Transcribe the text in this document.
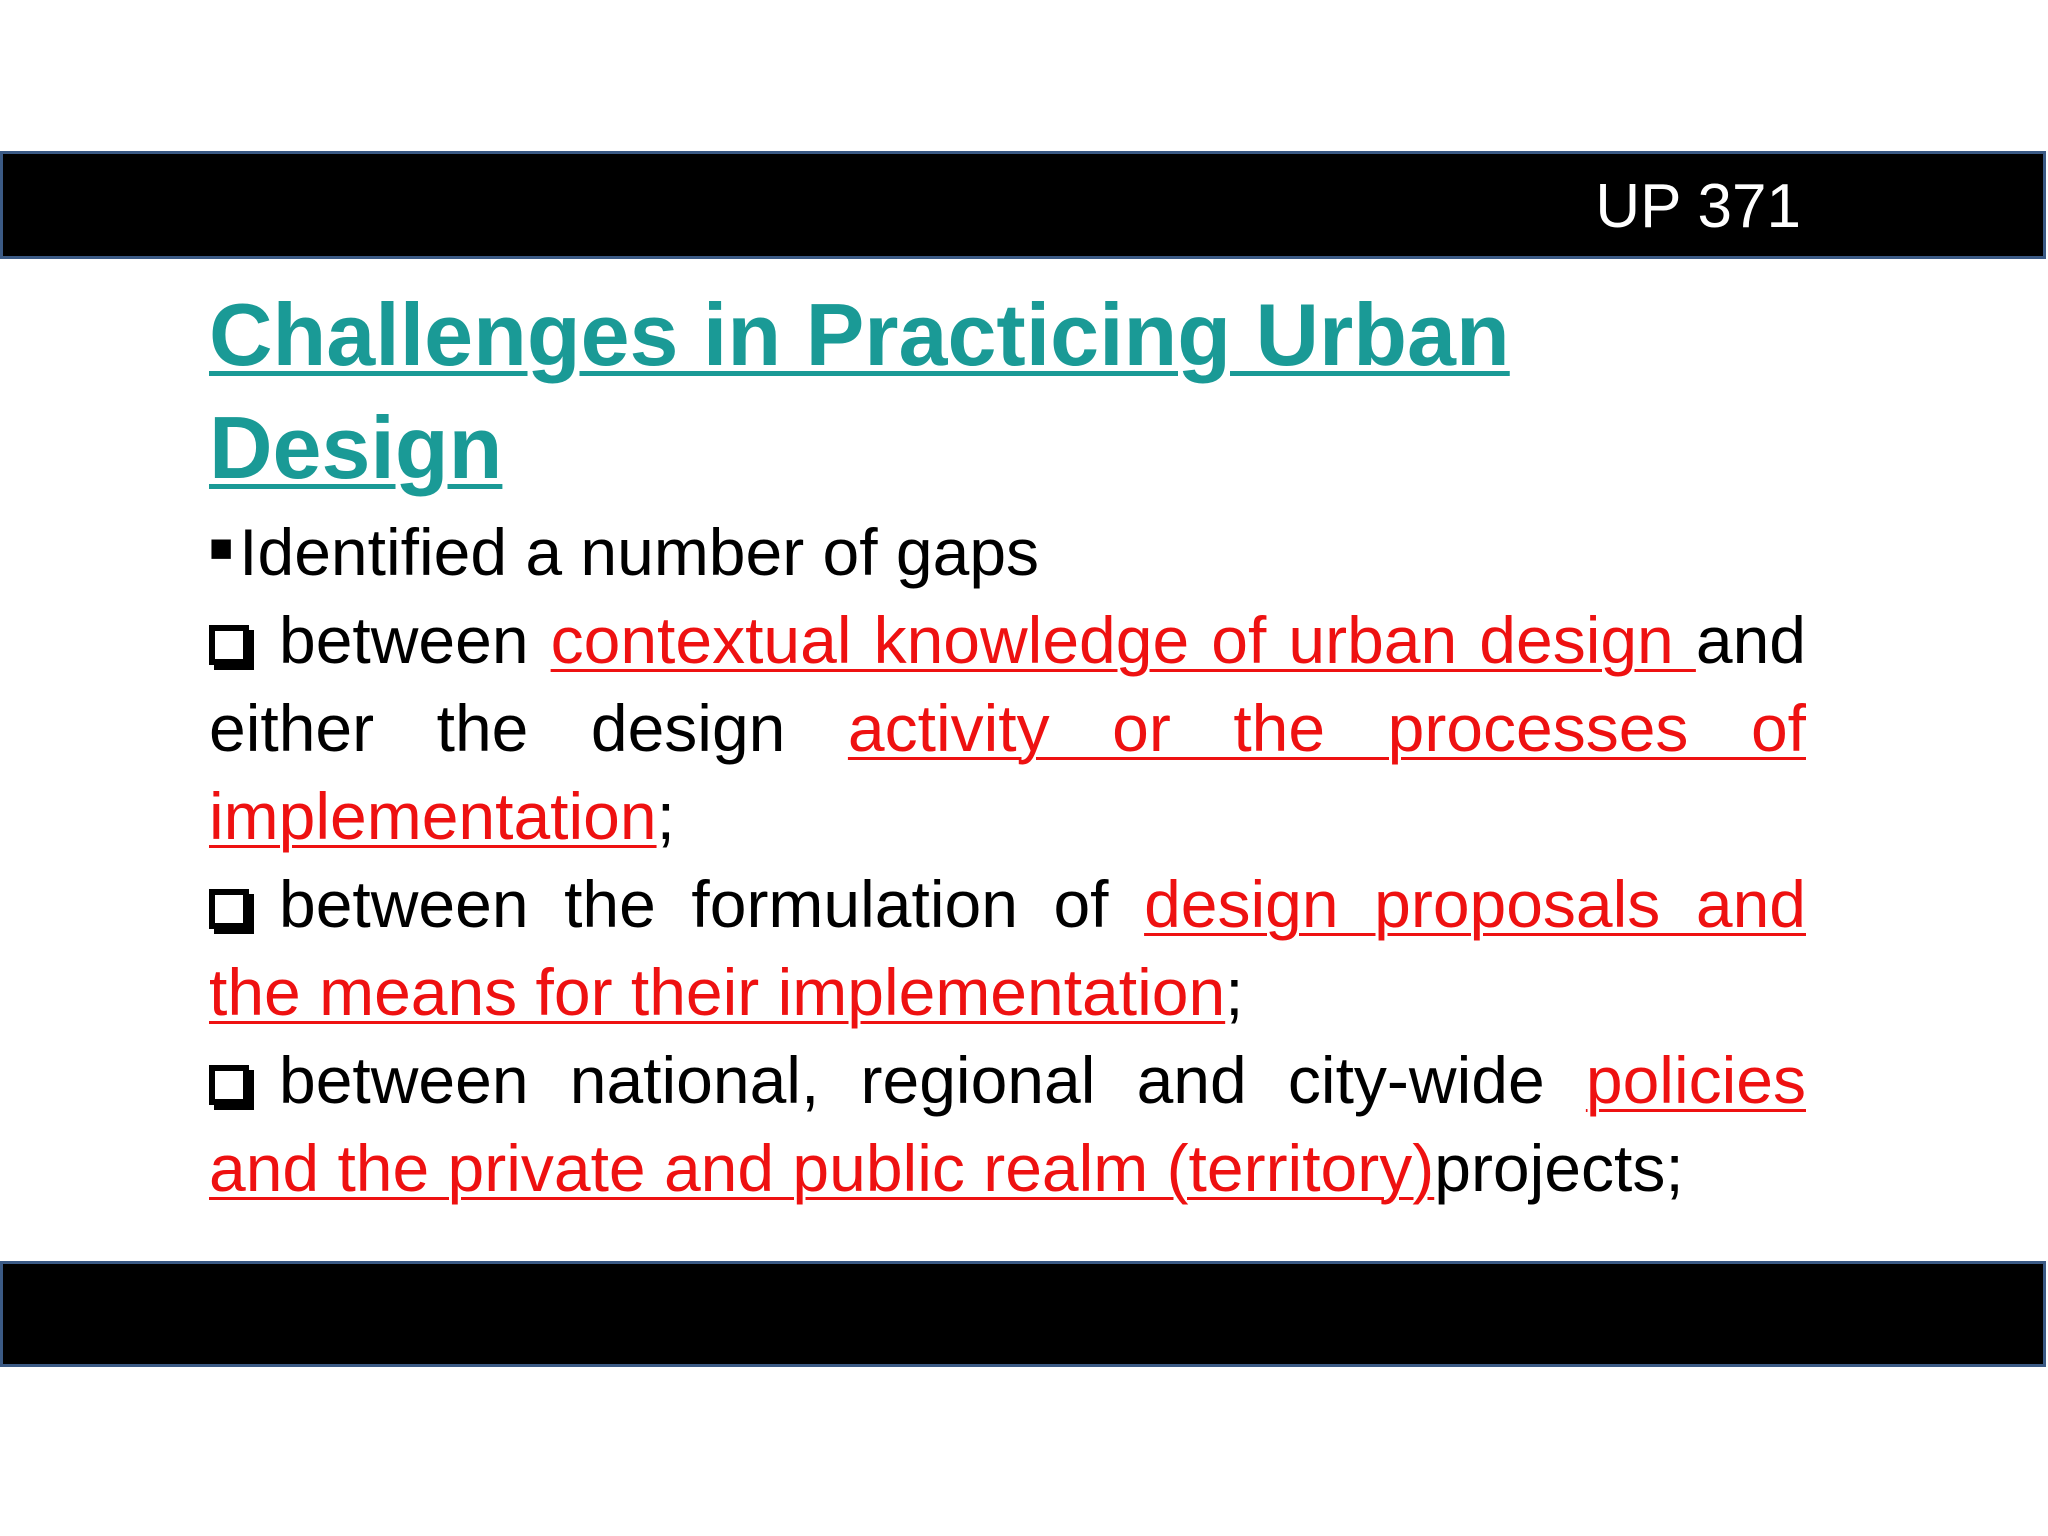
UP 371
Challenges in Practicing Urban Design

■Identified a number of gaps

between contextual knowledge of urban design and either the design activity or the processes of implementation;

between the formulation of design proposals and the means for their implementation;

between national, regional and city-wide policies and the private and public realm (territory)projects;
